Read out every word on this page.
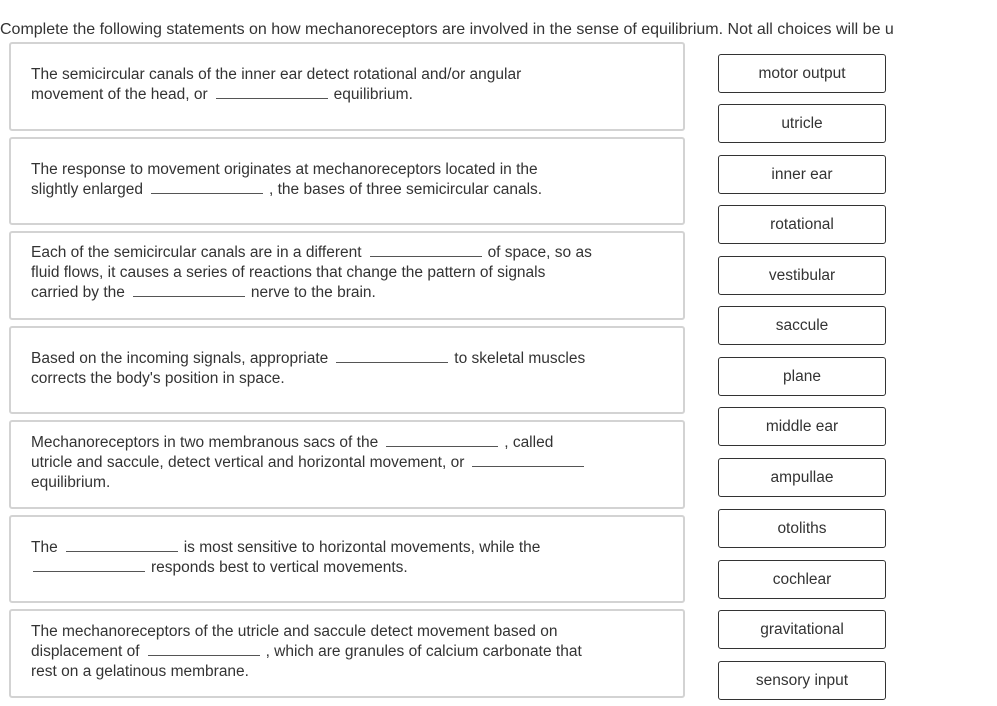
Complete the following statements on how mechanoreceptors are involved in the sense of equilibrium. Not all choices will be u
The semicircular canals of the inner ear detect rotational and/or angular
movement of the head, or	equilibrium.
The response to movement originates at mechanoreceptors located in the
slightly enlarged	, the bases of three semicircular canals.
Each of the semicircular canals are in a different	of space, so as
fluid flows, it causes a series of reactions that change the pattern of signals
carried by the	nerve to the brain.
Based on the incoming signals, appropriate	to skeletal muscles
corrects the body's position in space.
Mechanoreceptors in two membranous sacs of the	, called
utricle and saccule, detect vertical and horizontal movement, or
equilibrium.
The	is most sensitive to horizontal movements, while the
responds best to vertical movements.
The mechanoreceptors of the utricle and saccule detect movement based on
displacement of	, which are granules of calcium carbonate that
rest on a gelatinous membrane.
motor output
utricle
inner ear
rotational
vestibular
saccule
plane
middle ear
ampullae
otoliths
cochlear
gravitational
sensory input
